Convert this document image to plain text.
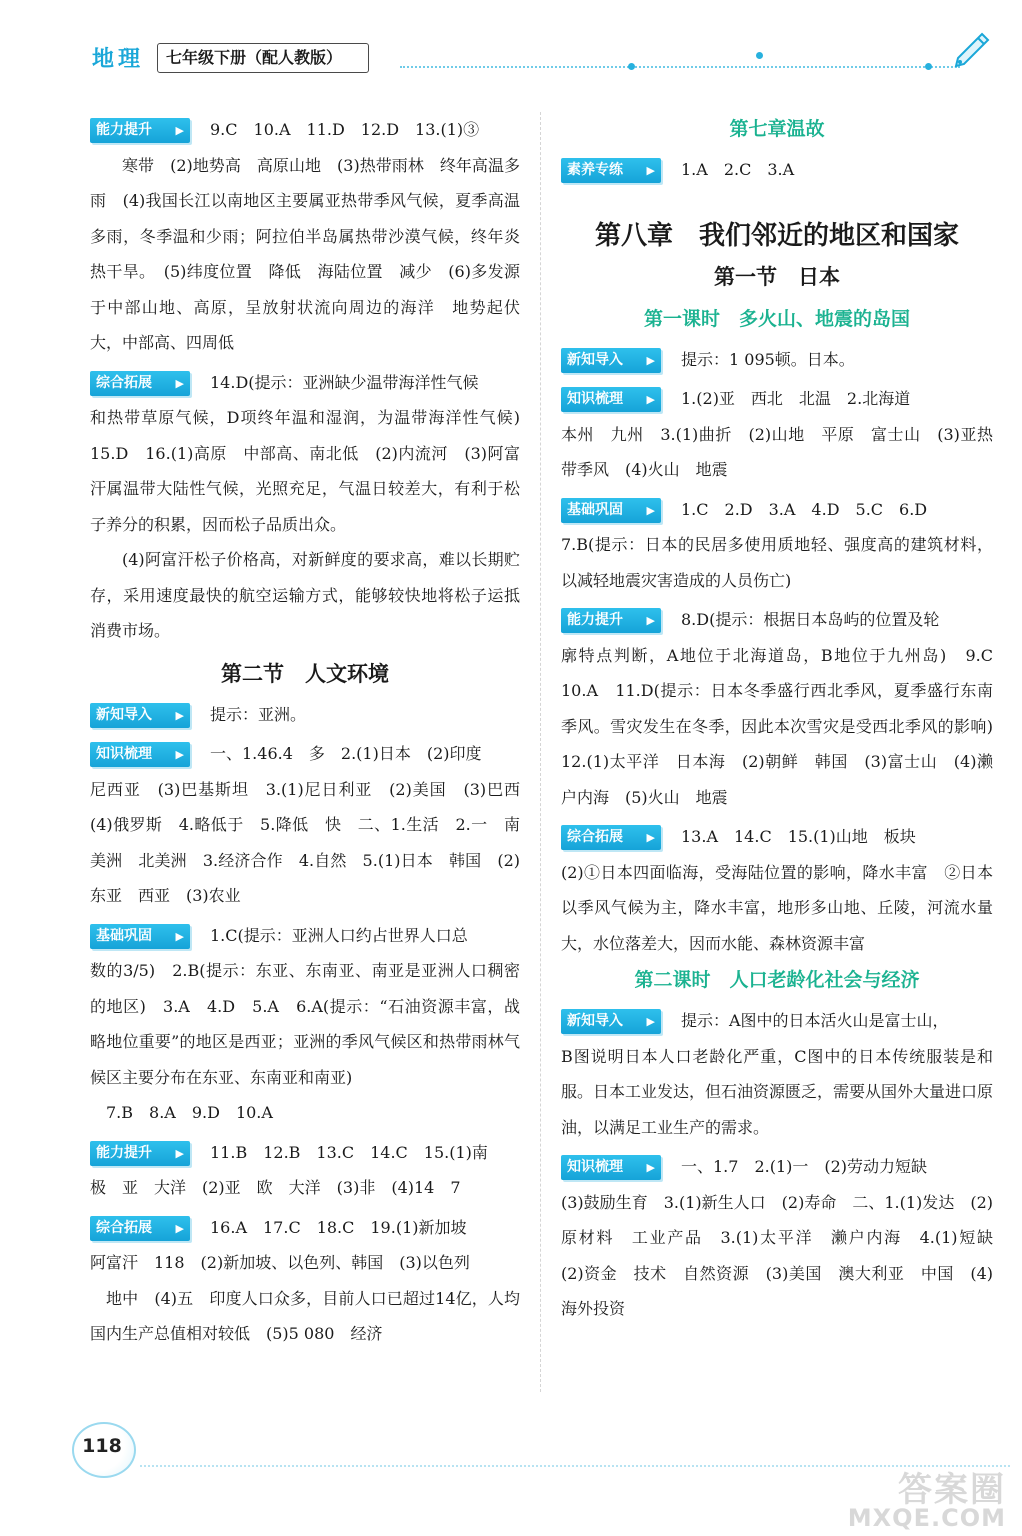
地理	七年级下册（配人教版）

能力提升 ▶	9.C　10.A　11.D　12.D　13.(1)③

寒带　(2)地势高　高原山地　(3)热带雨林　终年高温多雨　(4)我国长江以南地区主要属亚热带季风气候，夏季高温多雨，冬季温和少雨；阿拉伯半岛属热带沙漠气候，终年炎热干旱。　(5)纬度位置　降低　海陆位置　减少　(6)多发源于中部山地、高原，呈放射状流向周边的海洋　地势起伏大，中部高、四周低

综合拓展 ▶	14.D(提示：亚洲缺少温带海洋性气候

和热带草原气候，D项终年温和湿润，为温带海洋性气候)　15.D　16.(1)高原　中部高、南北低　(2)内流河　(3)阿富汗属温带大陆性气候，光照充足，气温日较差大，有利于松子养分的积累，因而松子品质出众。

(4)阿富汗松子价格高，对新鲜度的要求高，难以长期贮存，采用速度最快的航空运输方式，能够较快地将松子运抵消费市场。

第二节　人文环境

新知导入 ▶	提示：亚洲。

知识梳理 ▶	一、1.46.4　多　2.(1)日本　(2)印度

尼西亚　(3)巴基斯坦　3.(1)尼日利亚　(2)美国　(3)巴西　(4)俄罗斯　4.略低于　5.降低　快　二、1.生活　2.一　南美洲　北美洲　3.经济合作　4.自然　5.(1)日本　韩国　(2)东亚　西亚　(3)农业

基础巩固 ▶	1.C(提示：亚洲人口约占世界人口总

数的3/5)　2.B(提示：东亚、东南亚、南亚是亚洲人口稠密的地区)　3.A　4.D　5.A　6.A(提示：“石油资源丰富，战略地位重要”的地区是西亚；亚洲的季风气候区和热带雨林气候区主要分布在东亚、东南亚和南亚)

7.B　8.A　9.D　10.A

能力提升 ▶	11.B　12.B　13.C　14.C　15.(1)南

极　亚　大洋　(2)亚　欧　大洋　(3)非　(4)14　7

综合拓展 ▶	16.A　17.C　18.C　19.(1)新加坡

阿富汗　118　(2)新加坡、以色列、韩国　(3)以色列

地中　(4)五　印度人口众多，目前人口已超过14亿，人均国内生产总值相对较低　(5)5 080　经济

第七章温故

素养专练 ▶	1.A　2.C　3.A

第八章　我们邻近的地区和国家
第一节　日本
第一课时　多火山、地震的岛国

新知导入 ▶	提示：1 095顿。日本。

知识梳理 ▶	1.(2)亚　西北　北温　2.北海道

本州　九州　3.(1)曲折　(2)山地　平原　富士山　(3)亚热带季风　(4)火山　地震

基础巩固 ▶	1.C　2.D　3.A　4.D　5.C　6.D

7.B(提示：日本的民居多使用质地轻、强度高的建筑材料，以减轻地震灾害造成的人员伤亡)

能力提升 ▶	8.D(提示：根据日本岛屿的位置及轮

廓特点判断，A地位于北海道岛，B地位于九州岛)　9.C　10.A　11.D(提示：日本冬季盛行西北季风，夏季盛行东南季风。雪灾发生在冬季，因此本次雪灾是受西北季风的影响)　12.(1)太平洋　日本海　(2)朝鲜　韩国　(3)富士山　(4)濑户内海　(5)火山　地震

综合拓展 ▶	13.A　14.C　15.(1)山地　板块

(2)①日本四面临海，受海陆位置的影响，降水丰富　②日本以季风气候为主，降水丰富，地形多山地、丘陵，河流水量大，水位落差大，因而水能、森林资源丰富

第二课时　人口老龄化社会与经济

新知导入 ▶	提示：A图中的日本活火山是富士山，

B图说明日本人口老龄化严重，C图中的日本传统服装是和服。日本工业发达，但石油资源匮乏，需要从国外大量进口原油，以满足工业生产的需求。

知识梳理 ▶	一、1.7　2.(1)一　(2)劳动力短缺

(3)鼓励生育　3.(1)新生人口　(2)寿命　二、1.(1)发达　(2)原材料　工业产品　3.(1)太平洋　濑户内海　4.(1)短缺　(2)资金　技术　自然资源　(3)美国　澳大利亚　中国　(4)海外投资

118
答案圈
MXQE.COM
